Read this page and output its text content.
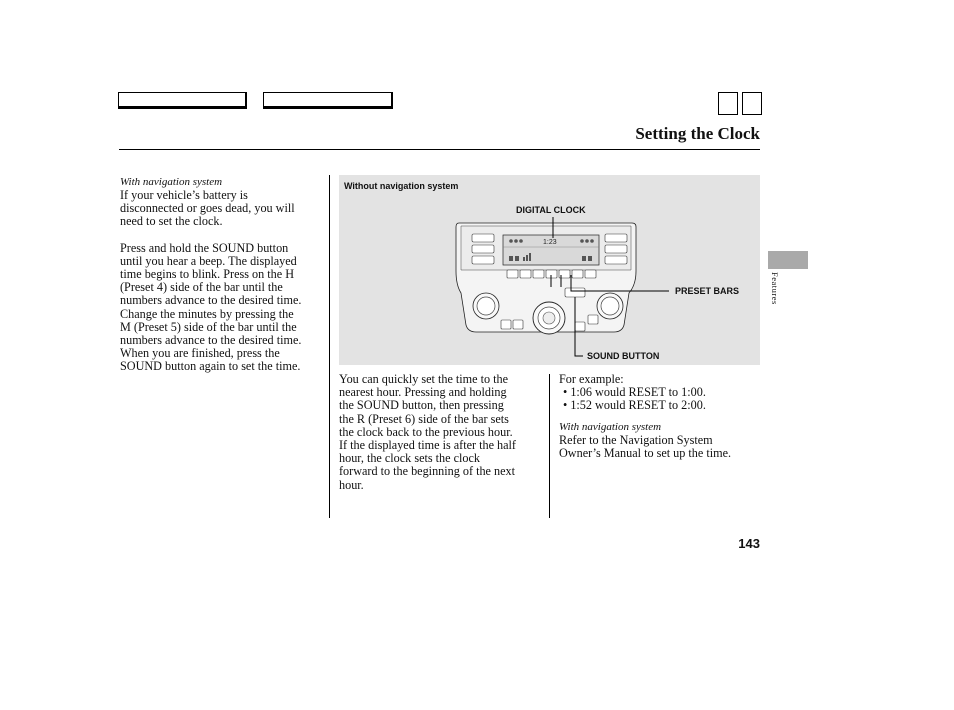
Setting the Clock
Features
With navigation system
If your vehicle’s battery is
disconnected or goes dead, you will
need to set the clock.
Press and hold the SOUND button
until you hear a beep. The displayed
time begins to blink. Press on the H
(Preset 4) side of the bar until the
numbers advance to the desired time.
Change the minutes by pressing the
M (Preset 5) side of the bar until the
numbers advance to the desired time.
When you are finished, press the
SOUND button again to set the time.
Without navigation system
DIGITAL CLOCK
PRESET BARS
SOUND BUTTON
1:23
You can quickly set the time to the
nearest hour. Pressing and holding
the SOUND button, then pressing
the R (Preset 6) side of the bar sets
the clock back to the previous hour.
If the displayed time is after the half
hour, the clock sets the clock
forward to the beginning of the next
hour.
For example:
• 1:06 would RESET to 1:00.
• 1:52 would RESET to 2:00.
With navigation system
Refer to the Navigation System
Owner’s Manual to set up the time.
143
